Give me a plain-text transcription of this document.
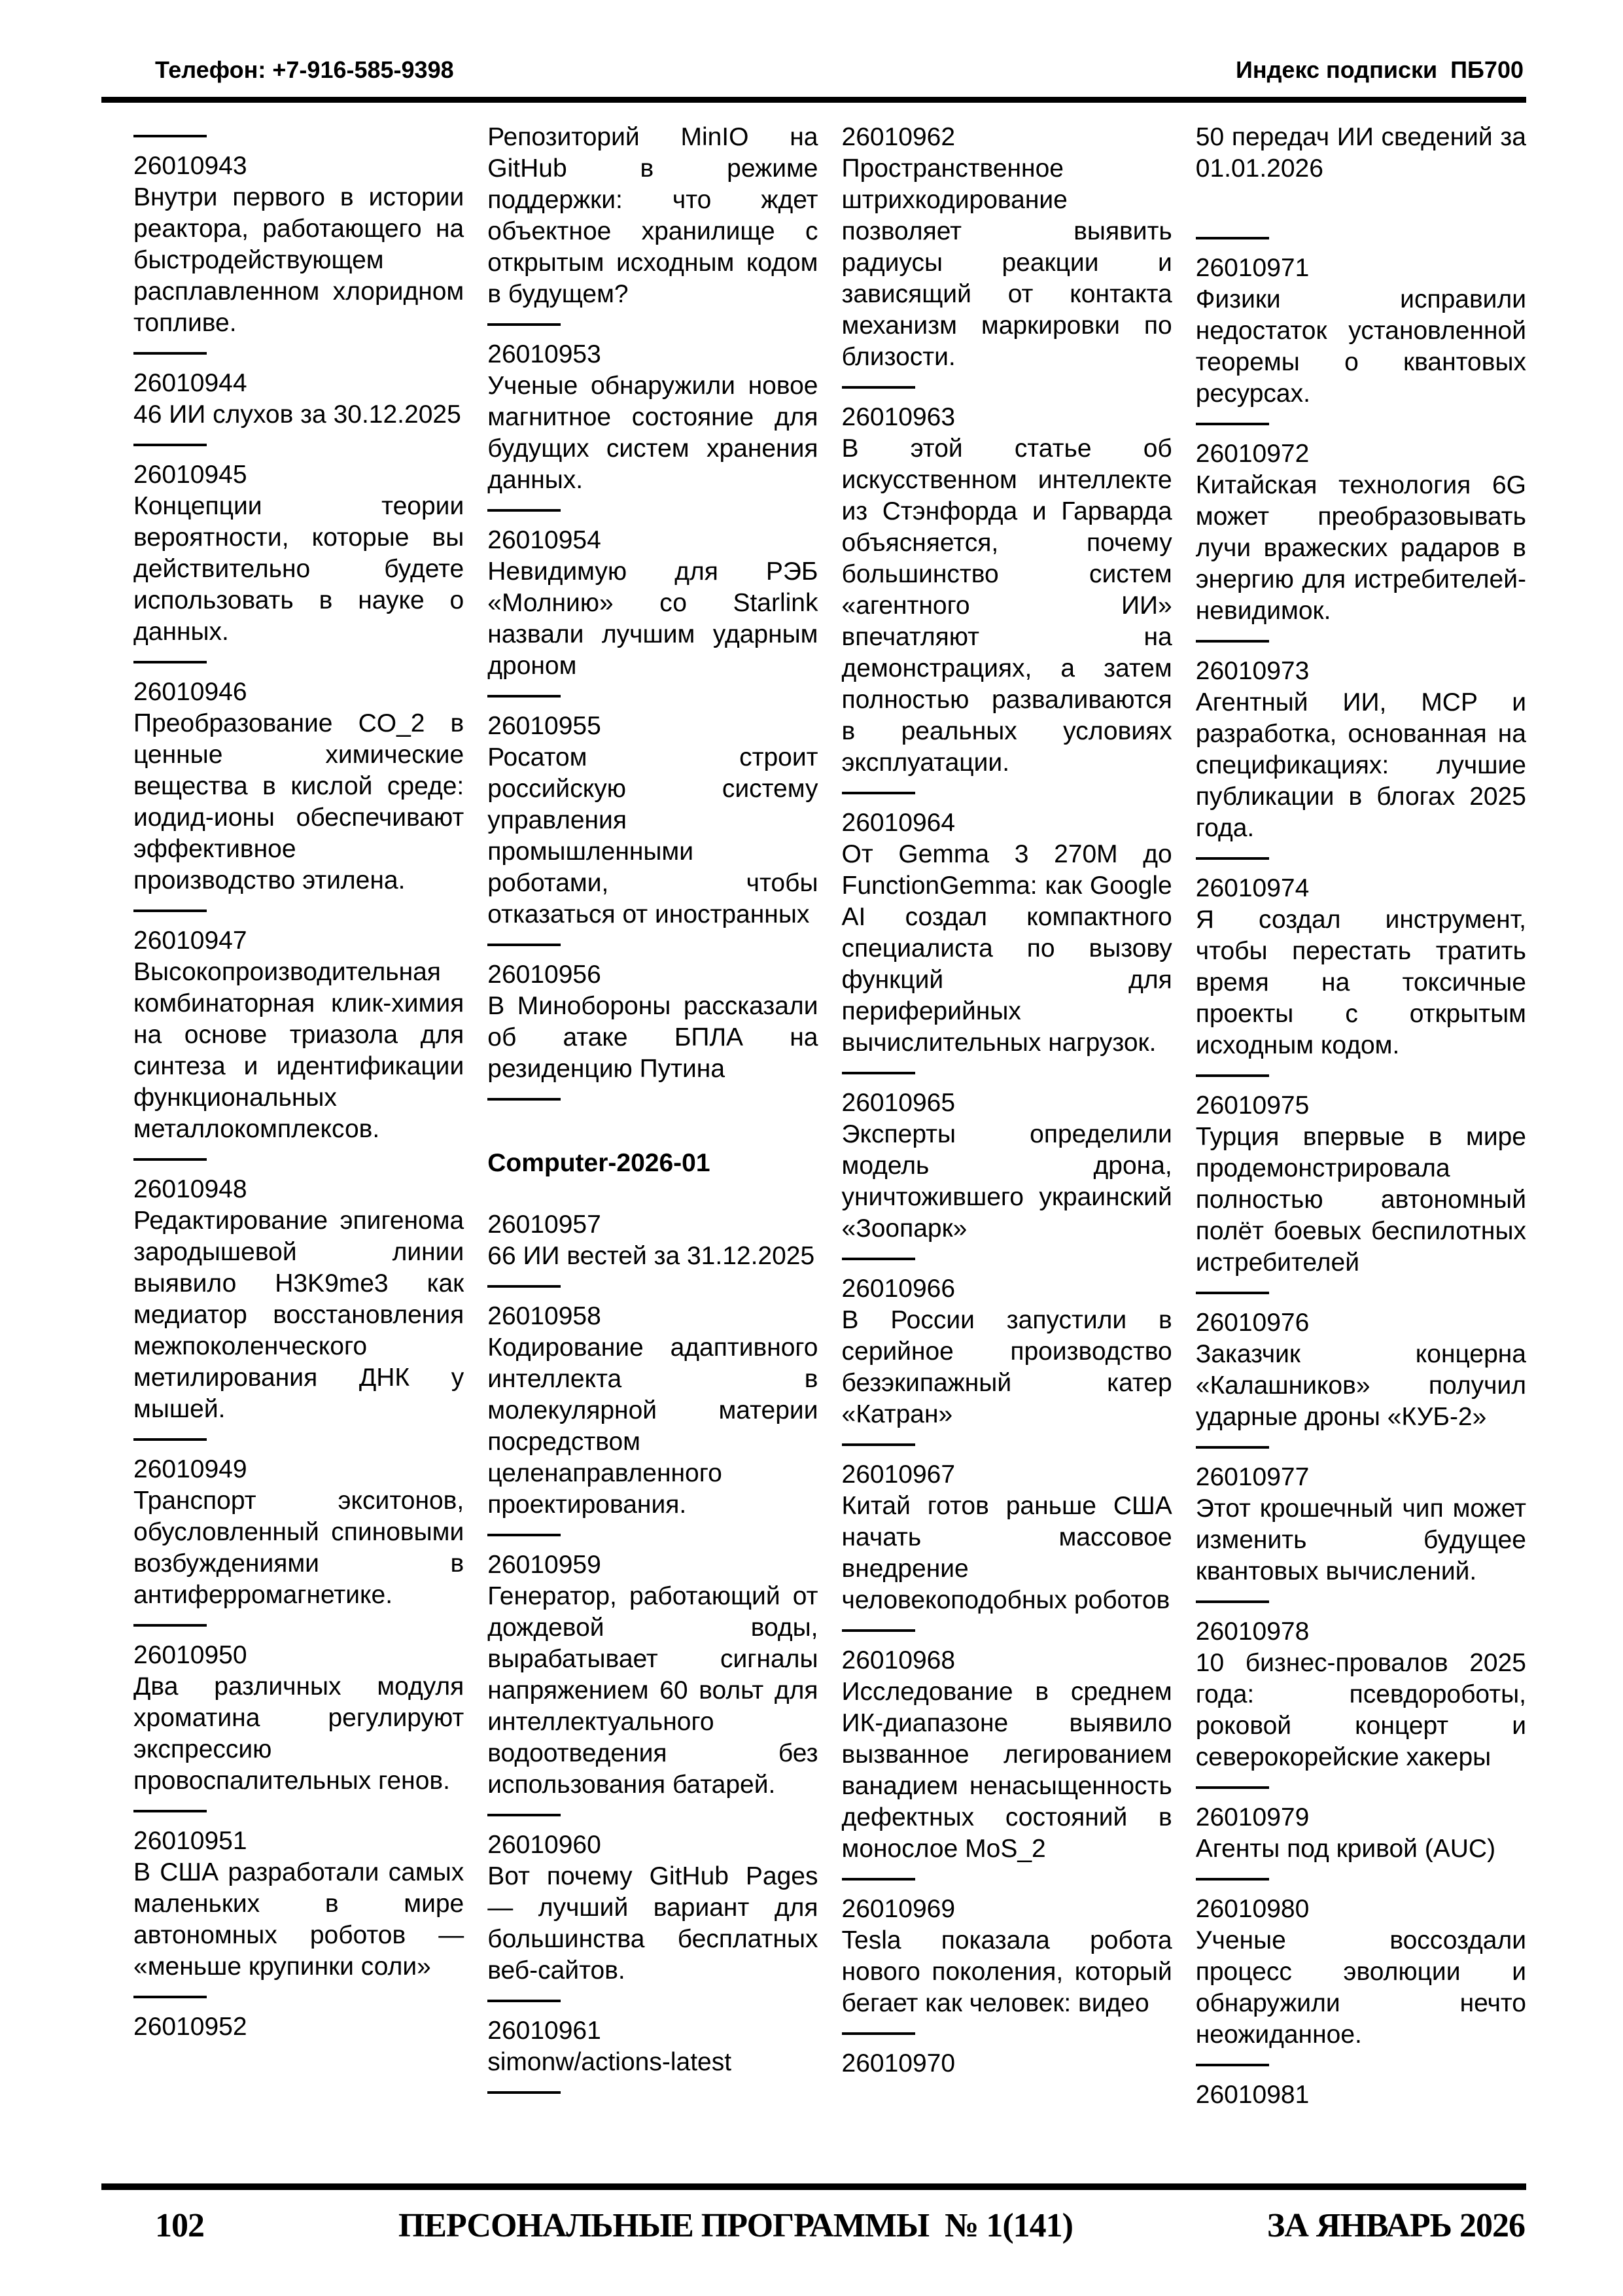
Телефон: +7-916-585-9398	Индекс подписки  ПБ700
26010943
Внутри первого в истории реактора, работающего на быстродействующем расплавленном хлоридном топливе.
26010944
46 ИИ слухов за 30.12.2025
26010945
Концепции теории вероятности, которые вы действительно будете использовать в науке о данных.
26010946
Преобразование CO_2 в ценные химические вещества в кислой среде: иодид-ионы обеспечивают эффективное производство этилена.
26010947
Высокопроизводительная комбинаторная клик-химия на основе триазола для синтеза и идентификации функциональных металлокомплексов.
26010948
Редактирование эпигенома зародышевой линии выявило H3K9me3 как медиатор восстановления межпоколенческого метилирования ДНК у мышей.
26010949
Транспорт экситонов, обусловленный спиновыми возбуждениями в антиферромагнетике.
26010950
Два различных модуля хроматина регулируют экспрессию провоспалительных генов.
26010951
В США разработали самых маленьких в мире автономных роботов — «меньше крупинки соли»
26010952
Репозиторий MinIO на GitHub в режиме поддержки: что ждет объектное хранилище с открытым исходным кодом в будущем?
26010953
Ученые обнаружили новое магнитное состояние для будущих систем хранения данных.
26010954
Невидимую для РЭБ «Молнию» со Starlink назвали лучшим ударным дроном
26010955
Росатом строит российскую систему управления промышленными роботами, чтобы отказаться от иностранных
26010956
В Минобороны рассказали об атаке БПЛА на резиденцию Путина
Computer-2026-01
26010957
66 ИИ вестей за 31.12.2025
26010958
Кодирование адаптивного интеллекта в молекулярной материи посредством целенаправленного проектирования.
26010959
Генератор, работающий от дождевой воды, вырабатывает сигналы напряжением 60 вольт для интеллектуального водоотведения без использования батарей.
26010960
Вот почему GitHub Pages — лучший вариант для большинства бесплатных веб-сайтов.
26010961
simonw/actions-latest
26010962
Пространственное штрихкодирование позволяет выявить радиусы реакции и зависящий от контакта механизм маркировки по близости.
26010963
В этой статье об искусственном интеллекте из Стэнфорда и Гарварда объясняется, почему большинство систем «агентного ИИ» впечатляют на демонстрациях, а затем полностью разваливаются в реальных условиях эксплуатации.
26010964
От Gemma 3 270M до FunctionGemma: как Google AI создал компактного специалиста по вызову функций для периферийных вычислительных нагрузок.
26010965
Эксперты определили модель дрона, уничтожившего украинский «Зоопарк»
26010966
В России запустили в серийное производство безэкипажный катер «Катран»
26010967
Китай готов раньше США начать массовое внедрение человекоподобных роботов
26010968
Исследование в среднем ИК-диапазоне выявило вызванное легированием ванадием ненасыщенность дефектных состояний в монослое MoS_2
26010969
Tesla показала робота нового поколения, который бегает как человек: видео
26010970
50 передач ИИ сведений за 01.01.2026
26010971
Физики исправили недостаток установленной теоремы о квантовых ресурсах.
26010972
Китайская технология 6G может преобразовывать лучи вражеских радаров в энергию для истребителей-невидимок.
26010973
Агентный ИИ, MCP и разработка, основанная на спецификациях: лучшие публикации в блогах 2025 года.
26010974
Я создал инструмент, чтобы перестать тратить время на токсичные проекты с открытым исходным кодом.
26010975
Турция впервые в мире продемонстрировала полностью автономный полёт боевых беспилотных истребителей
26010976
Заказчик концерна «Калашников» получил ударные дроны «КУБ-2»
26010977
Этот крошечный чип может изменить будущее квантовых вычислений.
26010978
10 бизнес-провалов 2025 года: псевдороботы, роковой концерт и северокорейские хакеры
26010979
Агенты под кривой (AUC)
26010980
Ученые воссоздали процесс эволюции и обнаружили нечто неожиданное.
26010981
102	ПЕРСОНАЛЬНЫЕ ПРОГРАММЫ  № 1(141)	ЗА ЯНВАРЬ 2026
